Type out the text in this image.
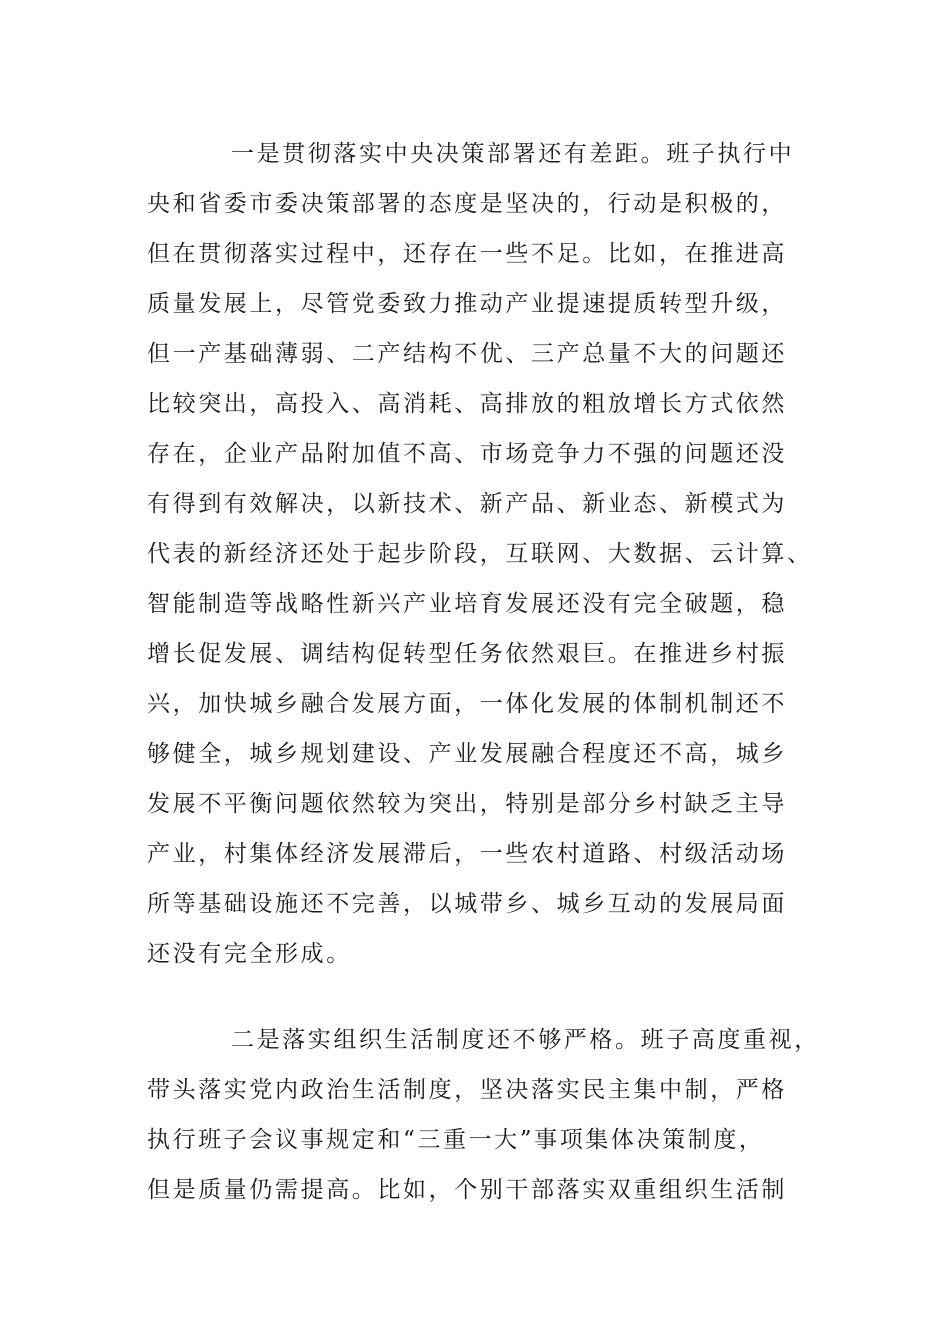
一是贯彻落实中央决策部署还有差距。班子执行中
央和省委市委决策部署的态度是坚决的，行动是积极的，
但在贯彻落实过程中，还存在一些不足。比如，在推进高
质量发展上，尽管党委致力推动产业提速提质转型升级，
但一产基础薄弱、二产结构不优、三产总量不大的问题还
比较突出，高投入、高消耗、高排放的粗放增长方式依然
存在，企业产品附加值不高、市场竞争力不强的问题还没
有得到有效解决，以新技术、新产品、新业态、新模式为
代表的新经济还处于起步阶段，互联网、大数据、云计算、
智能制造等战略性新兴产业培育发展还没有完全破题，稳
增长促发展、调结构促转型任务依然艰巨。在推进乡村振
兴，加快城乡融合发展方面，一体化发展的体制机制还不
够健全，城乡规划建设、产业发展融合程度还不高，城乡
发展不平衡问题依然较为突出，特别是部分乡村缺乏主导
产业，村集体经济发展滞后，一些农村道路、村级活动场
所等基础设施还不完善，以城带乡、城乡互动的发展局面
还没有完全形成。
二是落实组织生活制度还不够严格。班子高度重视，
带头落实党内政治生活制度，坚决落实民主集中制，严格
执行班子会议事规定和“三重一大”事项集体决策制度，
但是质量仍需提高。比如，个别干部落实双重组织生活制
